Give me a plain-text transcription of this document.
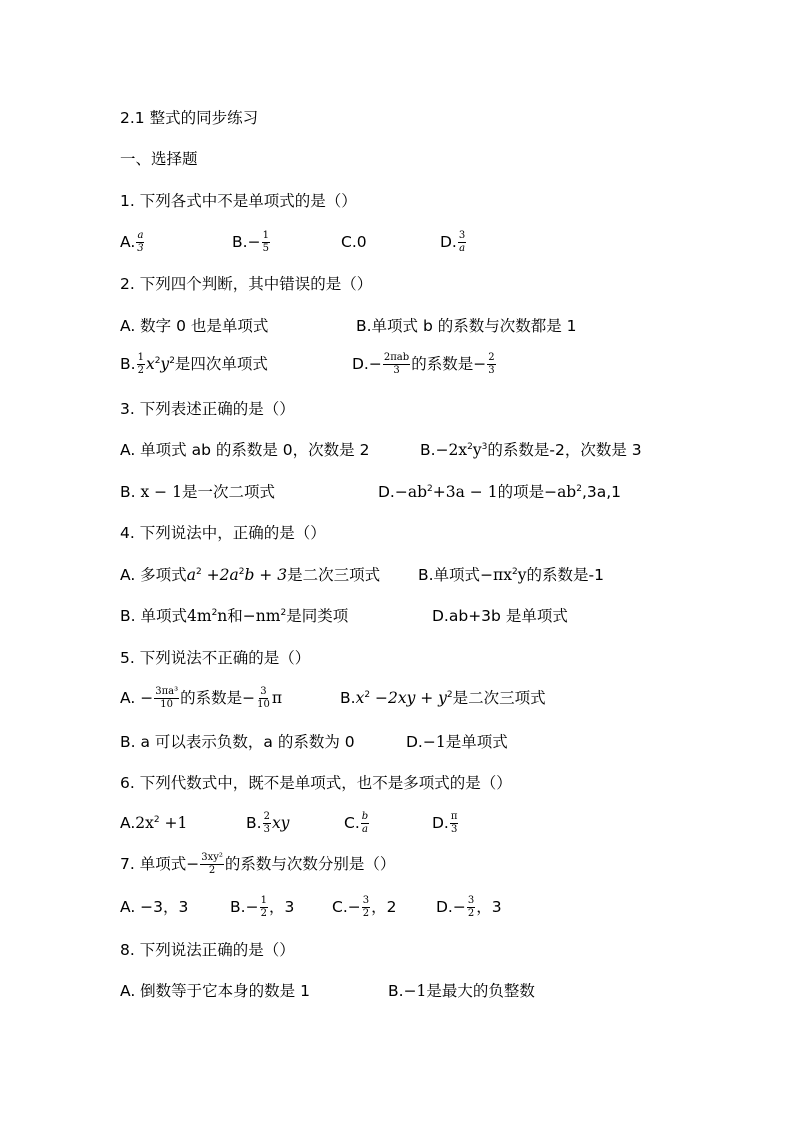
2.1 整式的同步练习
一、选择题
1. 下列各式中不是单项式的是（）
A. $\frac{a}{3}$	$B.- \frac{1}{5}$	C.0	D. $\frac{3}{a}$
2. 下列四个判断，其中错误的是（）
A. 数字 0 也是单项式	B.单项式 b 的系数与次数都是 1
B. $\frac{1}{2} x^2y^2$是四次单项式	$D.- \frac{\text{2πab}}{3}$ 的系数是− $\frac{2}{3}$
3. 下列表述正确的是（）
A. 单项式 ab 的系数是 0，次数是 2	$B.-2x^2y^3$的系数是-2，次数是 3
B. x − 1是一次二项式	$D.-ab^2+3a - 1$的项是$-ab^2,3a,1$
4. 下列说法中，正确的是（）
A. 多项式$a^2 +2a^2b + 3$是二次三项式 B.单项式$-\pi x^2y$的系数是-1
B. 单项式$4m^2n$和$-nm^2$是同类项	D.ab+3b 是单项式
5. 下列说法不正确的是（）
A. − $\frac{\text{3πa³}}{10}$ 的系数是− $\frac{3}{10}$ π	$B.x^2 -2xy + y^2$是二次三项式
B. a 可以表示负数，a 的系数为 0	D.−1是单项式
6. 下列代数式中，既不是单项式，也不是多项式的是（）
$A.2x^2 +1$	B. $\frac{2}{3}$ xy	C. $\frac{b}{a}$	D. $\frac{\pi}{3}$
7. 单项式− $\frac{\text{3xy²}}{2}$ 的系数与次数分别是（）
A. −3，3	$B.- \frac{1}{2}$ ，3 $C.- \frac{3}{2}$ ，2	$D.- \frac{3}{2}$ ，3
8. 下列说法正确的是（）
A. 倒数等于它本身的数是 1	B.−1是最大的负整数
